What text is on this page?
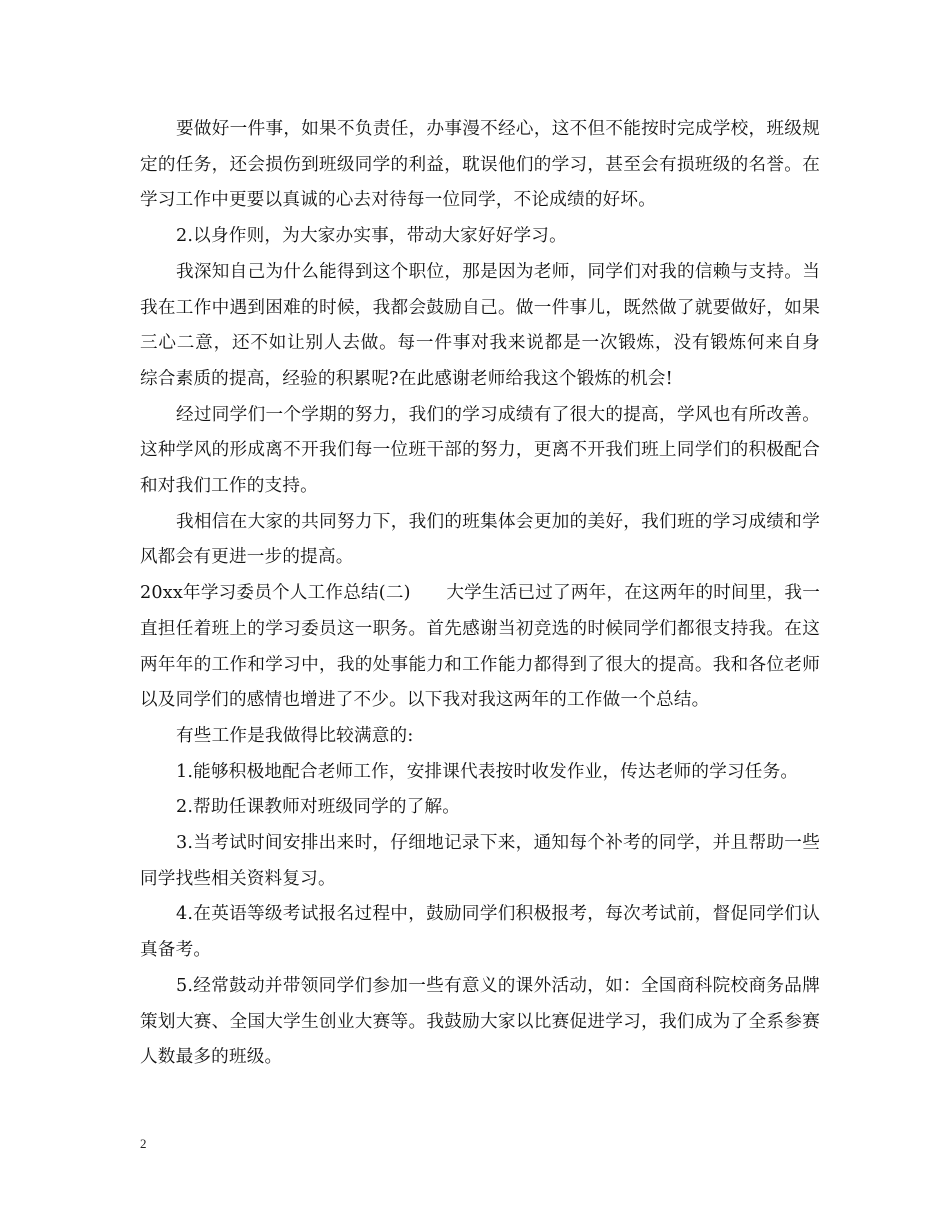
要做好一件事，如果不负责任，办事漫不经心，这不但不能按时完成学校，班级规定的任务，还会损伤到班级同学的利益，耽误他们的学习，甚至会有损班级的名誉。在学习工作中更要以真诚的心去对待每一位同学，不论成绩的好坏。

2.以身作则，为大家办实事，带动大家好好学习。

我深知自己为什么能得到这个职位，那是因为老师，同学们对我的信赖与支持。当我在工作中遇到困难的时候，我都会鼓励自己。做一件事儿，既然做了就要做好，如果三心二意，还不如让别人去做。每一件事对我来说都是一次锻炼，没有锻炼何来自身 综合素质的提高，经验的积累呢?在此感谢老师给我这个锻炼的机会!

经过同学们一个学期的努力，我们的学习成绩有了很大的提高，学风也有所改善。这种学风的形成离不开我们每一位班干部的努力，更离不开我们班上同学们的积极配合和对我们工作的支持。

我相信在大家的共同努力下，我们的班集体会更加的美好，我们班的学习成绩和学风都会有更进一步的提高。

20xx年学习委员个人工作总结(二)　　 大学生活已过了两年，在这两年的时间里，我一直担任着班上的学习委员这一职务。首先感谢当初竞选的时候同学们都很支持我。在这两年年的工作和学习中，我的处事能力和工作能力都得到了很大的提高。我和各位老师以及同学们的感情也增进了不少。以下我对我这两年的工作做一个总结。

有些工作是我做得比较满意的:

1.能够积极地配合老师工作，安排课代表按时收发作业，传达老师的学习任务。

2.帮助任课教师对班级同学的了解。

3.当考试时间安排出来时，仔细地记录下来，通知每个补考的同学，并且帮助一些同学找些相关资料复习。

4.在英语等级考试报名过程中，鼓励同学们积极报考，每次考试前，督促同学们认真备考。

5.经常鼓动并带领同学们参加一些有意义的课外活动，如：全国商科院校商务品牌策划大赛、全国大学生创业大赛等。我鼓励大家以比赛促进学习，我们成为了全系参赛人数最多的班级。

2
